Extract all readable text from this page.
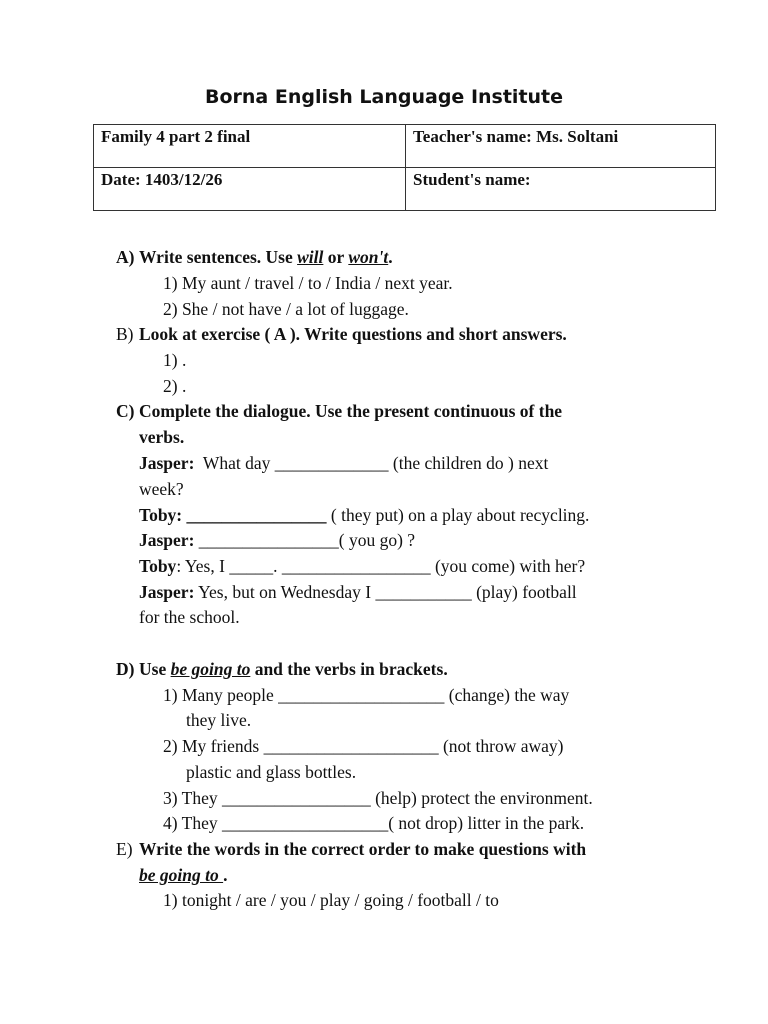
Borna English Language Institute
Family 4 part 2 final	Teacher's name: Ms. Soltani
Date: 1403/12/26	Student's name:
A) Write sentences. Use will or won't.
1) My aunt / travel / to / India / next year.
2) She / not have / a lot of luggage.
B) Look at exercise ( A ). Write questions and short answers.
1) .
2) .
C) Complete the dialogue. Use the present continuous of the
verbs.
Jasper:  What day _____________ (the children do ) next
week?
Toby: ________________ ( they put) on a play about recycling.
Jasper: ________________( you go) ?
Toby: Yes, I _____. _________________ (you come) with her?
Jasper: Yes, but on Wednesday I ___________ (play) football
for the school.
D) Use be going to and the verbs in brackets.
1) Many people ___________________ (change) the way
they live.
2) My friends ____________________ (not throw away)
plastic and glass bottles.
3) They _________________ (help) protect the environment.
4) They ___________________( not drop) litter in the park.
E) Write the words in the correct order to make questions with
be going to .
1) tonight / are / you / play / going / football / to
